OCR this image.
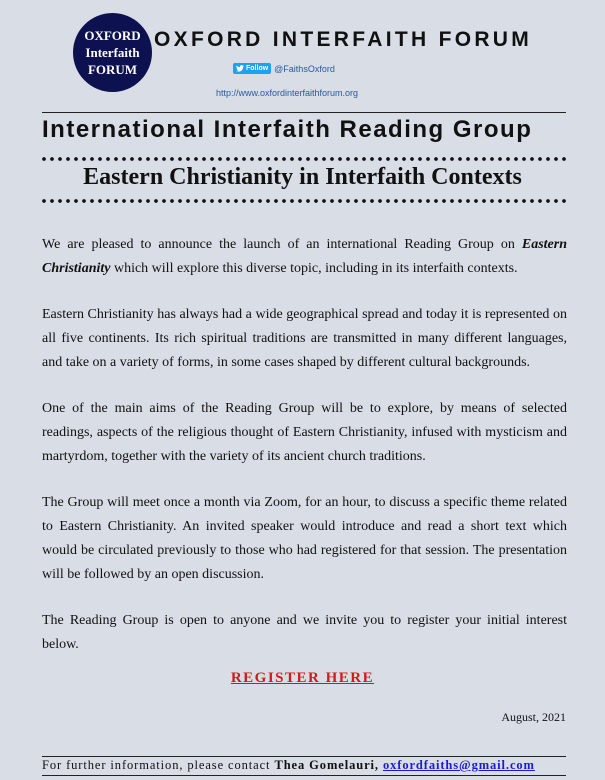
OXFORD
Interfaith
FORUM
OXFORD INTERFAITH FORUM
Follow @FaithsOxford
http://www.oxfordinterfaithforum.org
International Interfaith Reading Group
Eastern Christianity in Interfaith Contexts

We are pleased to announce the launch of an international Reading Group on Eastern Christianity which will explore this diverse topic, including in its interfaith contexts.

Eastern Christianity has always had a wide geographical spread and today it is represented on all five continents. Its rich spiritual traditions are transmitted in many different languages, and take on a variety of forms, in some cases shaped by different cultural backgrounds.

One of the main aims of the Reading Group will be to explore, by means of selected readings, aspects of the religious thought of Eastern Christianity, infused with mysticism and martyrdom, together with the variety of its ancient church traditions.

The Group will meet once a month via Zoom, for an hour, to discuss a specific theme related to Eastern Christianity. An invited speaker would introduce and read a short text which would be circulated previously to those who had registered for that session. The presentation will be followed by an open discussion.

The Reading Group is open to anyone and we invite you to register your initial interest below.

REGISTER HERE
August, 2021
For further information, please contact Thea Gomelauri, oxfordfaiths@gmail.com
